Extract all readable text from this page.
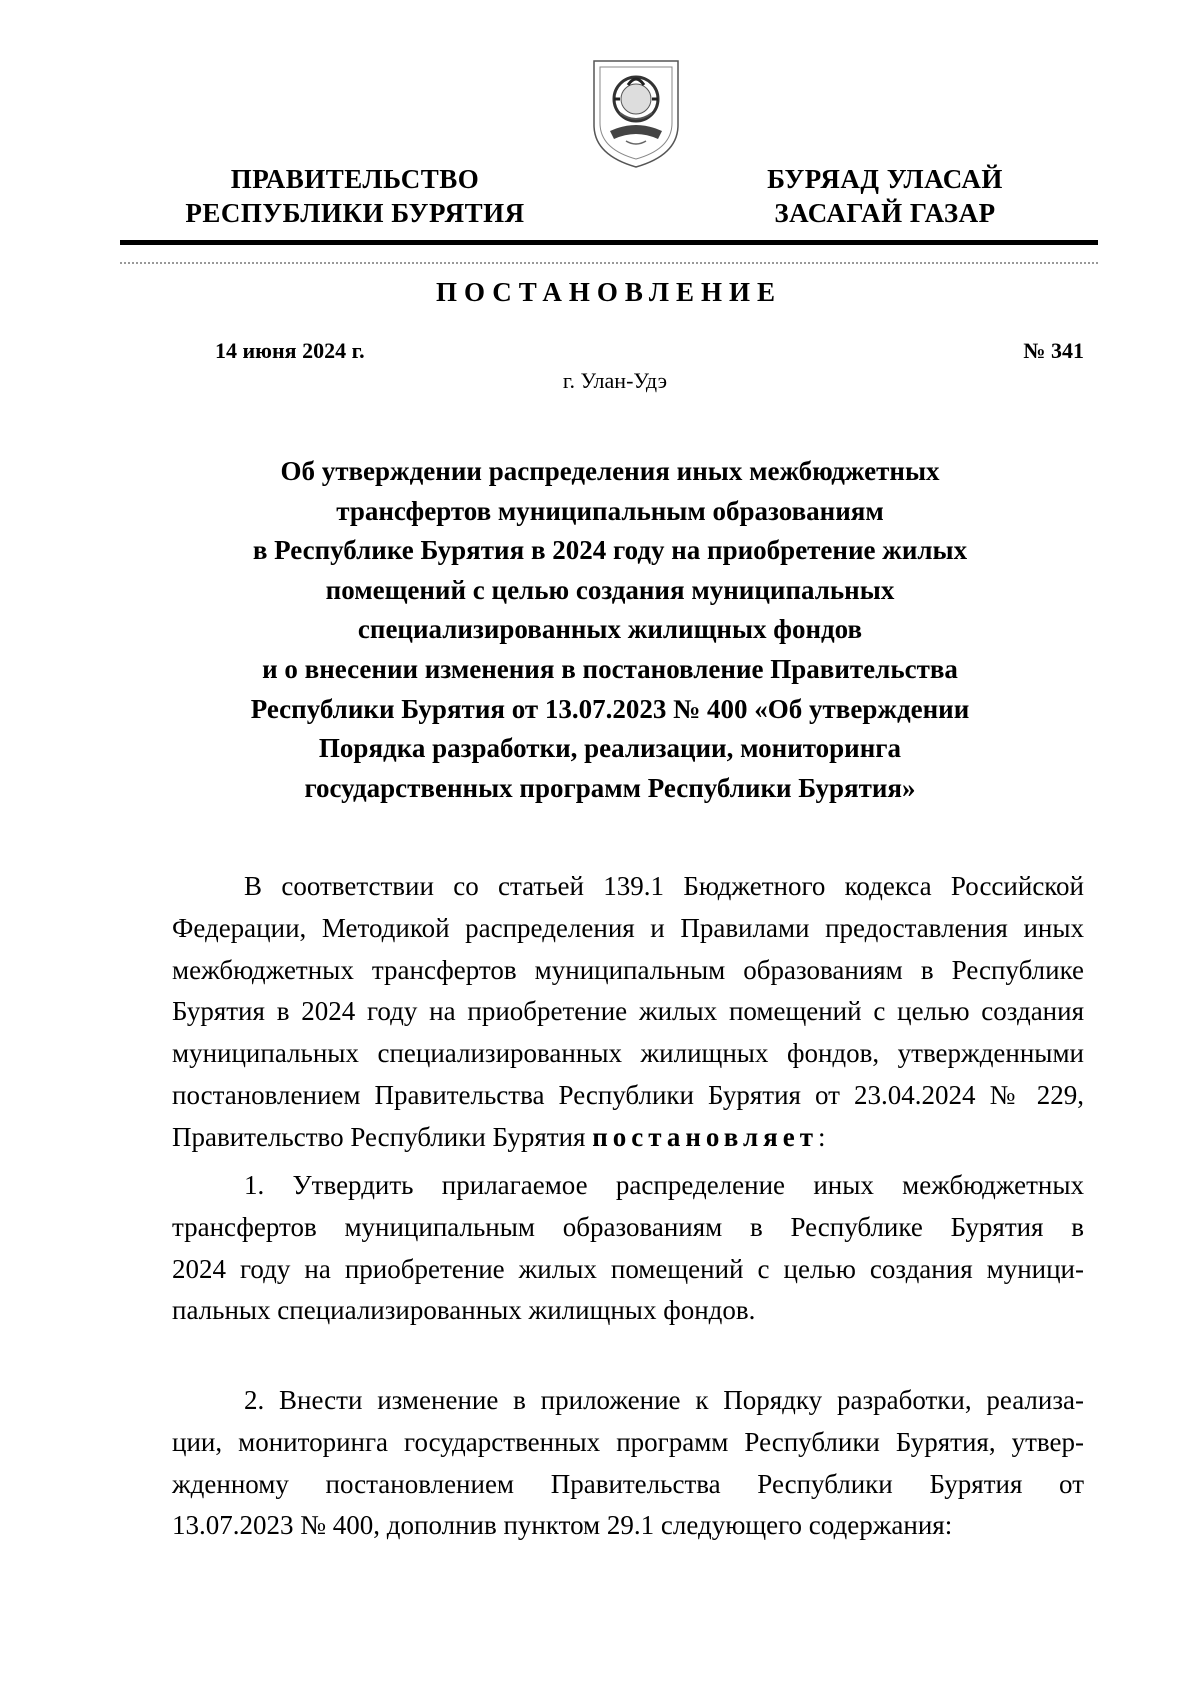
ПРАВИТЕЛЬСТВО
РЕСПУБЛИКИ БУРЯТИЯ
БУРЯАД УЛАСАЙ
ЗАСАГАЙ ГАЗАР
ПОСТАНОВЛЕНИЕ
14 июня 2024 г.	№ 341
г. Улан-Удэ
Об утверждении распределения иных межбюджетных
трансфертов муниципальным образованиям
в Республике Бурятия в 2024 году на приобретение жилых
помещений с целью создания муниципальных
специализированных жилищных фондов
и о внесении изменения в постановление Правительства
Республики Бурятия от 13.07.2023 № 400 «Об утверждении
Порядка разработки, реализации, мониторинга
государственных программ Республики Бурятия»
В соответствии со статьей 139.1 Бюджетного кодекса Российской
Федерации, Методикой распределения и Правилами предоставления иных
межбюджетных трансфертов муниципальным образованиям в Республике
Бурятия в 2024 году на приобретение жилых помещений с целью создания
муниципальных специализированных жилищных фондов, утвержденными
постановлением Правительства Республики Бурятия от 23.04.2024 № 229,
Правительство Республики Бурятия постановляет:
1. Утвердить прилагаемое распределение иных межбюджетных
трансфертов муниципальным образованиям в Республике Бурятия в
2024 году на приобретение жилых помещений с целью создания муници-
пальных специализированных жилищных фондов.
2. Внести изменение в приложение к Порядку разработки, реализа-
ции, мониторинга государственных программ Республики Бурятия, утвер-
жденному постановлением Правительства Республики Бурятия от
13.07.2023 № 400, дополнив пунктом 29.1 следующего содержания:
